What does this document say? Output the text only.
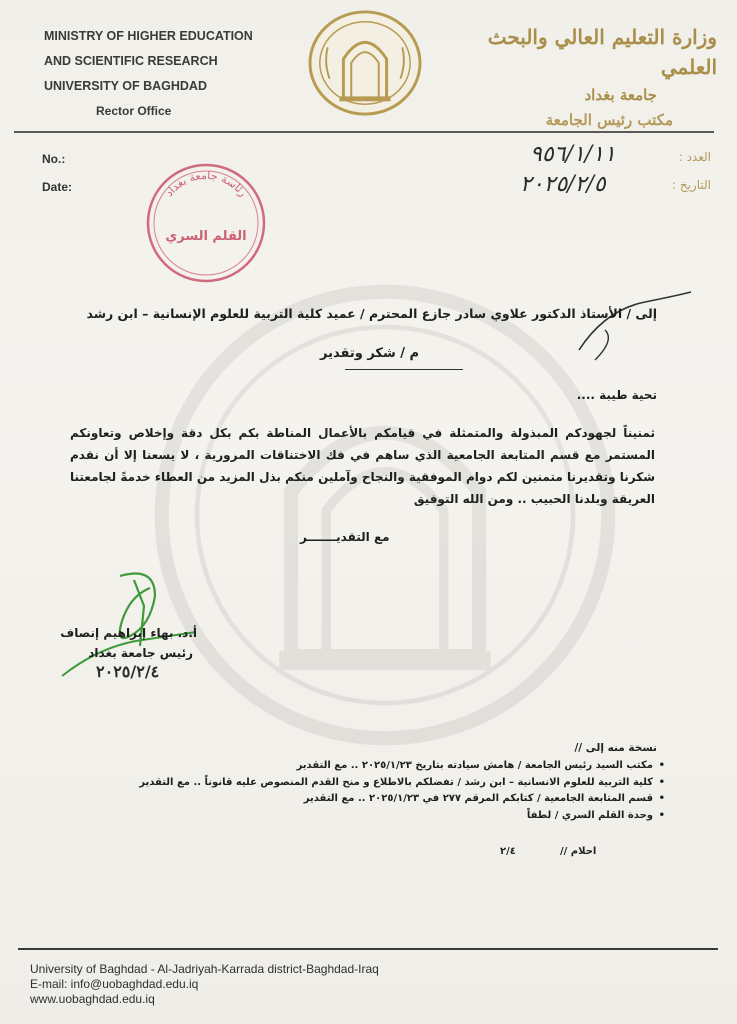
MINISTRY OF HIGHER EDUCATION
AND SCIENTIFIC RESEARCH
UNIVERSITY OF BAGHDAD
Rector Office
وزارة التعليم العالي والبحث العلمي
جامعة بغداد
مكتب رئيس الجامعة
No.:
Date:
العدد :
التاريخ :
٩٥٦/١/١١
٢٠٢٥/٢/٥
رئاسة جامعة بغداد
القلم السري
إلى / الأستاذ الدكتور علاوي سادر جازع المحترم / عميد كلية التربية للعلوم الإنسانية – ابن رشد
م / شكر وتقدير
تحية طيبة ....
ثمنيناً لجهودكم المبذولة والمتمثلة في قيامكم بالأعمال المناطة بكم بكل دقة وإخلاص وتعاونكم المستمر مع قسم المتابعة الجامعية الذي ساهم في فك الاختناقات المرورية ، لا يسعنا إلا أن نقدم شكرنا وتقديرنا متمنين لكم دوام الموفقية والنجاح وآملين منكم بذل المزيد من العطاء خدمةً لجامعتنا العريقة وبلدنا الحبيب .. ومن الله التوفيق
مع التقديـــــــر
أ.د. بهاء إبراهيم إنصاف
رئيس جامعة بغداد
٢٠٢٥/٢/٤
نسخة منه إلى //
• مكتب السيد رئيس الجامعة / هامش سيادته بتاريخ ٢٠٢٥/١/٢٣ .. مع التقدير
• كلية التربية للعلوم الانسانية – ابن رشد / تفضلكم بالاطلاع و منح القدم المنصوص عليه قانوناً .. مع التقدير
• قسم المتابعة الجامعية / كتابكم المرقم ٢٧٧ في ٢٠٢٥/١/٢٣ .. مع التقدير
• وحدة القلم السري / لطفاً
احلام //
٢/٤
University of Baghdad - Al-Jadriyah-Karrada district-Baghdad-Iraq
E-mail: info@uobaghdad.edu.iq
www.uobaghdad.edu.iq
